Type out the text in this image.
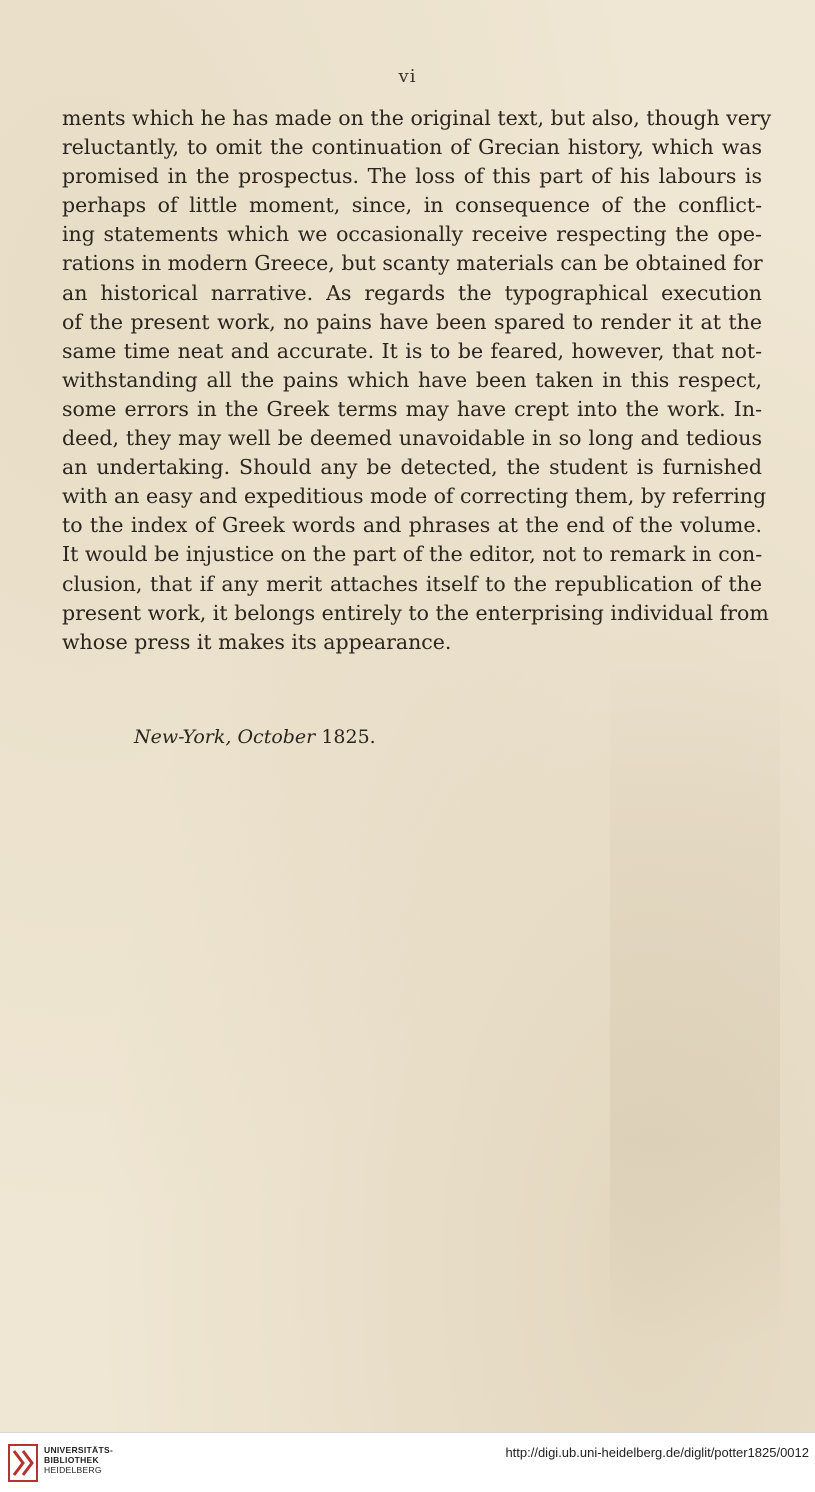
vi
ments which he has made on the original text, but also, though very
reluctantly, to omit the continuation of Grecian history, which was
promised in the prospectus. The loss of this part of his labours is
perhaps of little moment, since, in consequence of the conflict-
ing statements which we occasionally receive respecting the ope-
rations in modern Greece, but scanty materials can be obtained for
an historical narrative. As regards the typographical execution
of the present work, no pains have been spared to render it at the
same time neat and accurate. It is to be feared, however, that not-
withstanding all the pains which have been taken in this respect,
some errors in the Greek terms may have crept into the work. In-
deed, they may well be deemed unavoidable in so long and tedious
an undertaking. Should any be detected, the student is furnished
with an easy and expeditious mode of correcting them, by referring
to the index of Greek words and phrases at the end of the volume.
It would be injustice on the part of the editor, not to remark in con-
clusion, that if any merit attaches itself to the republication of the
present work, it belongs entirely to the enterprising individual from
whose press it makes its appearance.
New-York, October 1825.
UNIVERSITÄTS-
BIBLIOTHEK
HEIDELBERG
http://digi.ub.uni-heidelberg.de/diglit/potter1825/0012
